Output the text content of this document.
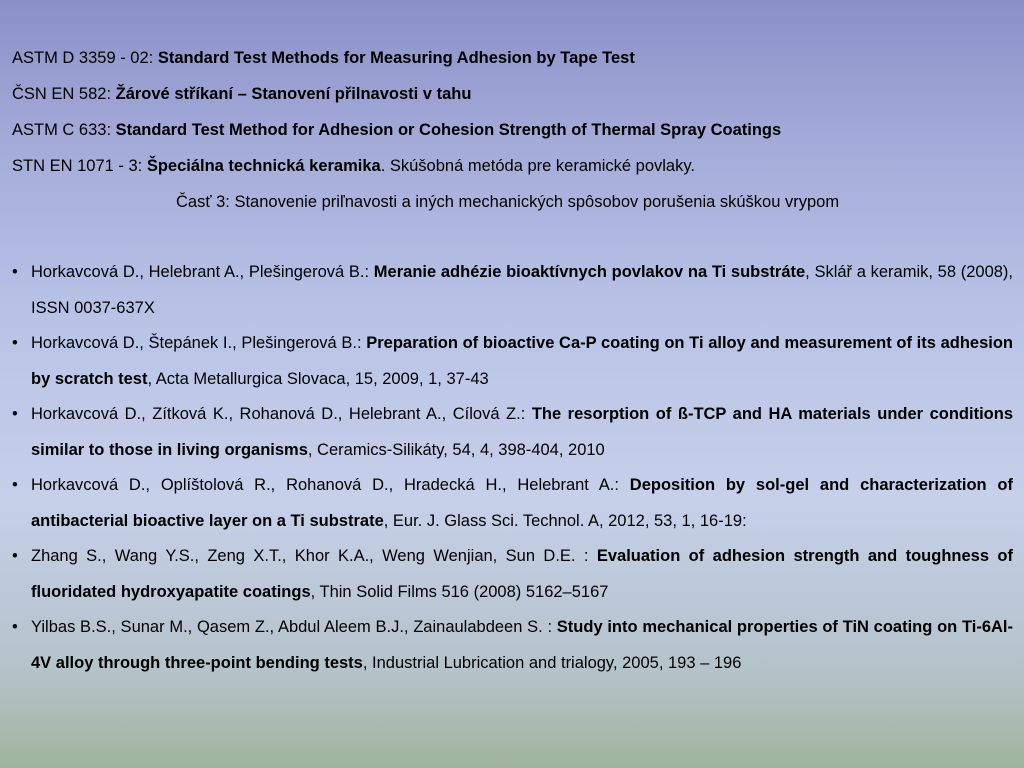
ASTM D 3359 - 02: Standard Test Methods for Measuring Adhesion by Tape Test
ČSN EN 582: Žárové stříkaní – Stanovení přilnavosti v tahu
ASTM C 633: Standard Test Method for Adhesion or Cohesion Strength of Thermal Spray Coatings
STN EN 1071 - 3: Špeciálna technická keramika. Skúšobná metóda pre keramické povlaky.
Časť 3: Stanovenie priľnavosti a iných mechanických spôsobov porušenia skúškou vrypom
• Horkavcová D., Helebrant A., Plešingerová B.: Meranie adhézie bioaktívnych povlakov na Ti substráte, Sklář a keramik, 58 (2008), ISSN 0037-637X
• Horkavcová D., Štepánek I., Plešingerová B.: Preparation of bioactive Ca-P coating on Ti alloy and measurement of its adhesion by scratch test, Acta Metallurgica Slovaca, 15, 2009, 1, 37-43
• Horkavcová D., Zítková K., Rohanová D., Helebrant A., Cílová Z.: The resorption of ß-TCP and HA materials under conditions similar to those in living organisms, Ceramics-Silikáty, 54, 4, 398-404, 2010
• Horkavcová D., Oplíštolová R., Rohanová D., Hradecká H., Helebrant A.: Deposition by sol-gel and characterization of antibacterial bioactive layer on a Ti substrate, Eur. J. Glass Sci. Technol. A, 2012, 53, 1, 16-19:
• Zhang S., Wang Y.S., Zeng X.T., Khor K.A., Weng Wenjian, Sun D.E. : Evaluation of adhesion strength and toughness of fluoridated hydroxyapatite coatings, Thin Solid Films 516 (2008) 5162–5167
• Yilbas B.S., Sunar M., Qasem Z., Abdul Aleem B.J., Zainaulabdeen S. : Study into mechanical properties of TiN coating on Ti-6Al-4V alloy through three-point bending tests, Industrial Lubrication and trialogy, 2005, 193 – 196
